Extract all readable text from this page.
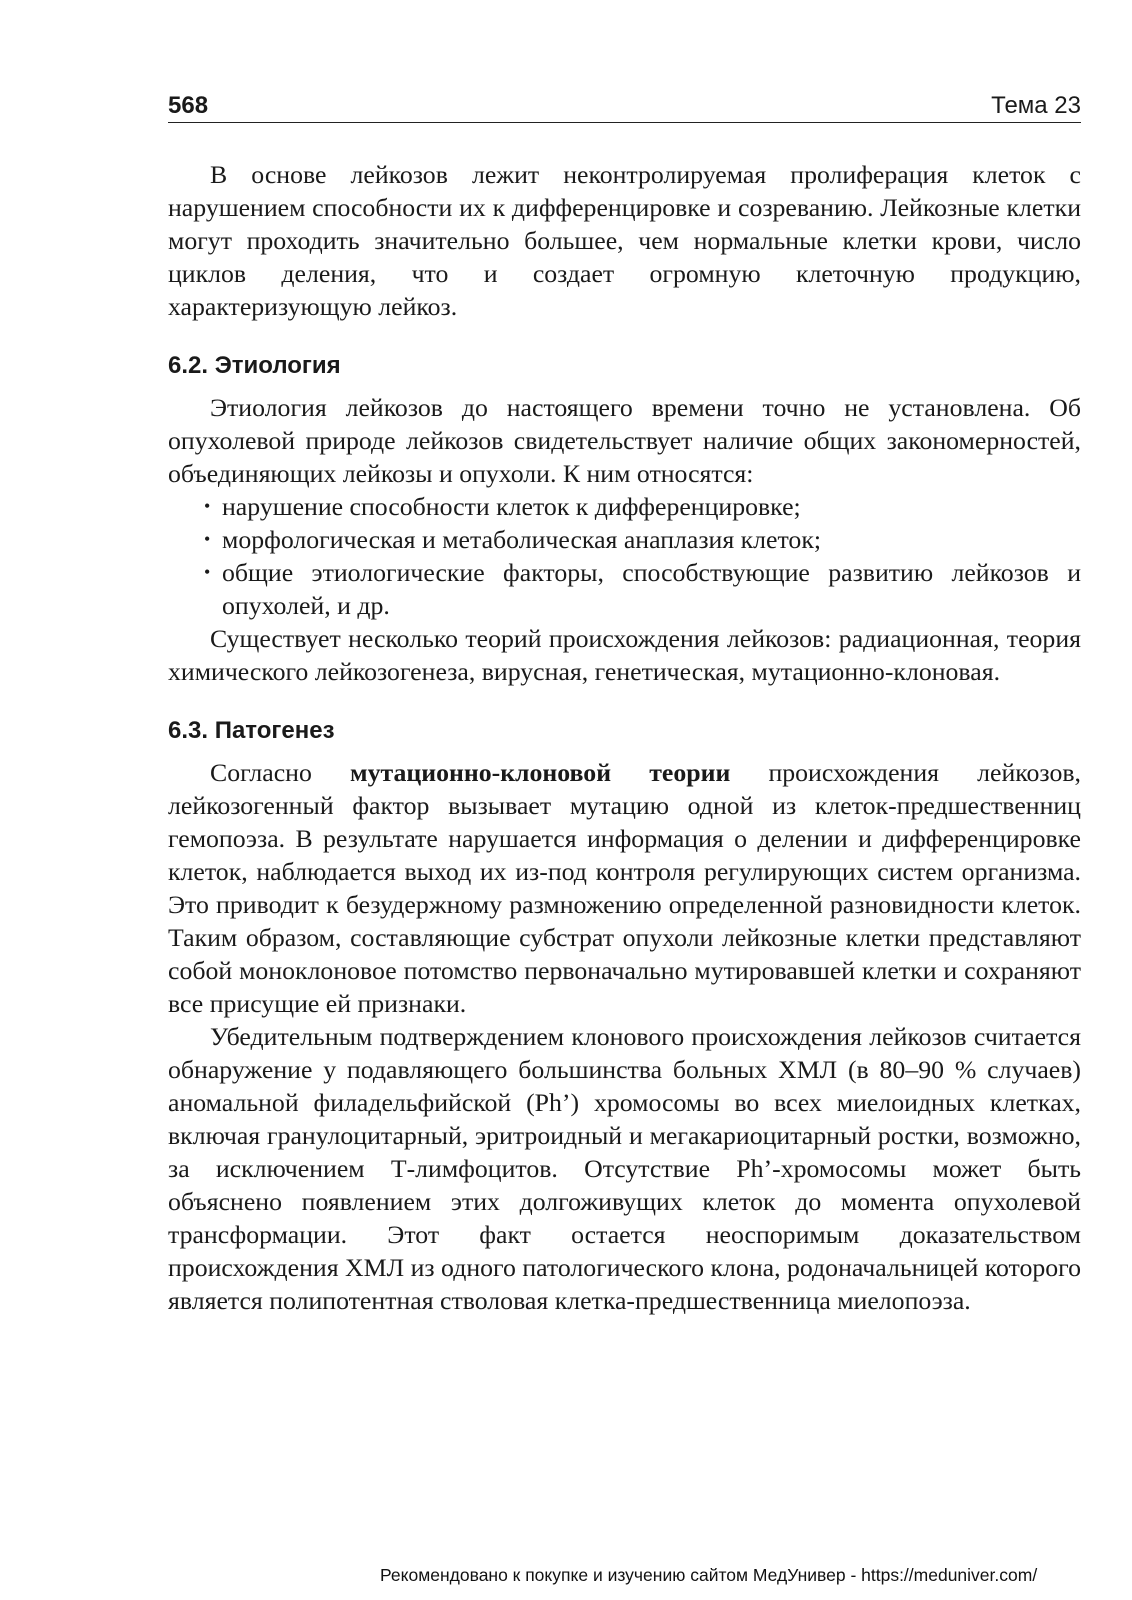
568	Тема 23

В основе лейкозов лежит неконтролируемая пролиферация клеток с нарушением способности их к дифференцировке и созреванию. Лейкозные клетки могут проходить значительно большее, чем нормальные клетки крови, число циклов деления, что и создает огромную клеточную продукцию, характеризующую лейкоз.

6.2. Этиология

Этиология лейкозов до настоящего времени точно не установлена. Об опухолевой природе лейкозов свидетельствует наличие общих закономерностей, объединяющих лейкозы и опухоли. К ним относятся:

• нарушение способности клеток к дифференцировке;
• морфологическая и метаболическая анаплазия клеток;
• общие этиологические факторы, способствующие развитию лейкозов и опухолей, и др.

Существует несколько теорий происхождения лейкозов: радиационная, теория химического лейкозогенеза, вирусная, генетическая, мутационно-клоновая.

6.3. Патогенез

Согласно мутационно-клоновой теории происхождения лейкозов, лейкозогенный фактор вызывает мутацию одной из клеток-предшественниц гемопоэза. В результате нарушается информация о делении и дифференцировке клеток, наблюдается выход их из-под контроля регулирующих систем организма. Это приводит к безудержному размножению определенной разновидности клеток. Таким образом, составляющие субстрат опухоли лейкозные клетки представляют собой моноклоновое потомство первоначально мутировавшей клетки и сохраняют все присущие ей признаки.

Убедительным подтверждением клонового происхождения лейкозов считается обнаружение у подавляющего большинства больных ХМЛ (в 80–90 % случаев) аномальной филадельфийской (Ph’) хромосомы во всех миелоидных клетках, включая гранулоцитарный, эритроидный и мегакариоцитарный ростки, возможно, за исключением Т-лимфоцитов. Отсутствие Ph’-хромосомы может быть объяснено появлением этих долгоживущих клеток до момента опухолевой трансформации. Этот факт остается неоспоримым доказательством происхождения ХМЛ из одного патологического клона, родоначальницей которого является полипотентная стволовая клетка-предшественница миелопоэза.

Рекомендовано к покупке и изучению сайтом МедУнивер - https://meduniver.com/
